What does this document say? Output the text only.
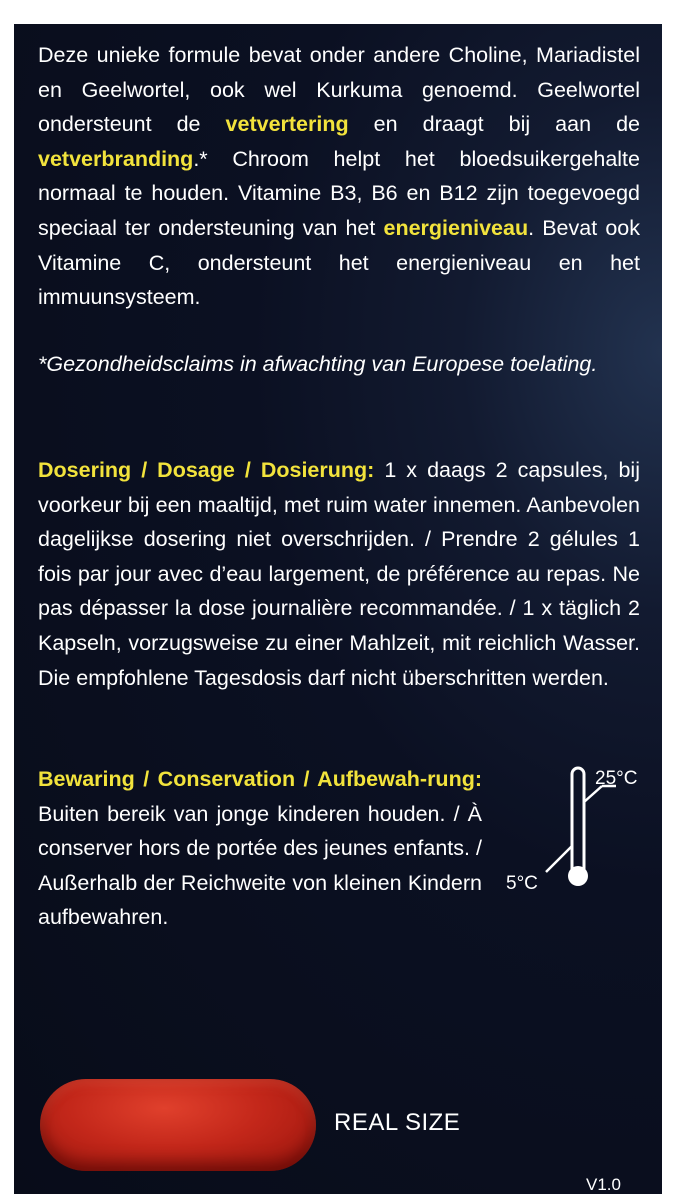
Deze unieke formule bevat onder andere Choline, Mariadistel en Geelwortel, ook wel Kurkuma genoemd. Geelwortel ondersteunt de vetvertering en draagt bij aan de vetverbranding.* Chroom helpt het bloedsuikergehalte normaal te houden. Vitamine B3, B6 en B12 zijn toegevoegd speciaal ter ondersteuning van het energieniveau. Bevat ook Vitamine C, ondersteunt het energieniveau en het immuunsysteem.

*Gezondheidsclaims in afwachting van Europese toelating.

Dosering / Dosage / Dosierung: 1 x daags 2 capsules, bij voorkeur bij een maaltijd, met ruim water innemen. Aanbevolen dagelijkse dosering niet overschrijden. / Prendre 2 gélules 1 fois par jour avec d’eau largement, de préférence au repas. Ne pas dépasser la dose journalière recommandée. / 1 x täglich 2 Kapseln, vorzugsweise zu einer Mahlzeit, mit reichlich Wasser. Die empfohlene Tagesdosis darf nicht überschritten werden.

Bewaring / Conservation / Aufbewah-rung: Buiten bereik van jonge kinderen houden. / À conserver hors de portée des jeunes enfants. / Außerhalb der Reichweite von kleinen Kindern aufbewahren.

25°C
5°C
REAL SIZE
V1.0
